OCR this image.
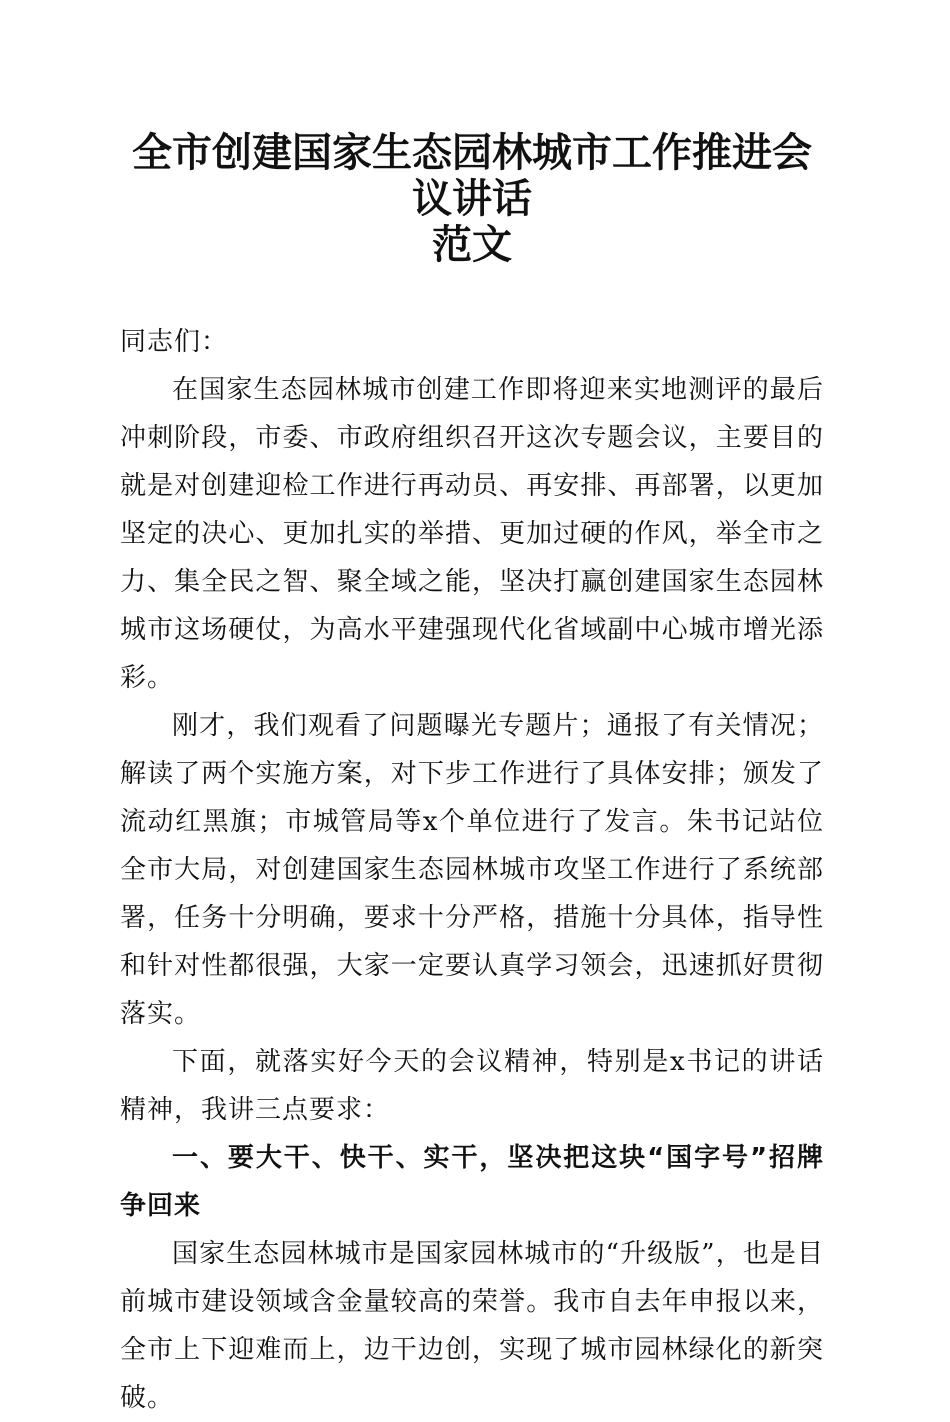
全市创建国家生态园林城市工作推进会议讲话
范文

同志们：

在国家生态园林城市创建工作即将迎来实地测评的最后冲刺阶段，市委、市政府组织召开这次专题会议，主要目的就是对创建迎检工作进行再动员、再安排、再部署，以更加坚定的决心、更加扎实的举措、更加过硬的作风，举全市之力、集全民之智、聚全域之能，坚决打赢创建国家生态园林城市这场硬仗，为高水平建强现代化省域副中心城市增光添彩。

刚才，我们观看了问题曝光专题片；通报了有关情况；解读了两个实施方案，对下步工作进行了具体安排；颁发了流动红黑旗；市城管局等x个单位进行了发言。朱书记站位全市大局，对创建国家生态园林城市攻坚工作进行了系统部署，任务十分明确，要求十分严格，措施十分具体，指导性和针对性都很强，大家一定要认真学习领会，迅速抓好贯彻落实。

下面，就落实好今天的会议精神，特别是x书记的讲话精神，我讲三点要求：

一、要大干、快干、实干，坚决把这块“国字号”招牌争回来

国家生态园林城市是国家园林城市的“升级版”，也是目前城市建设领域含金量较高的荣誉。我市自去年申报以来，全市上下迎难而上，边干边创，实现了城市园林绿化的新突破。
